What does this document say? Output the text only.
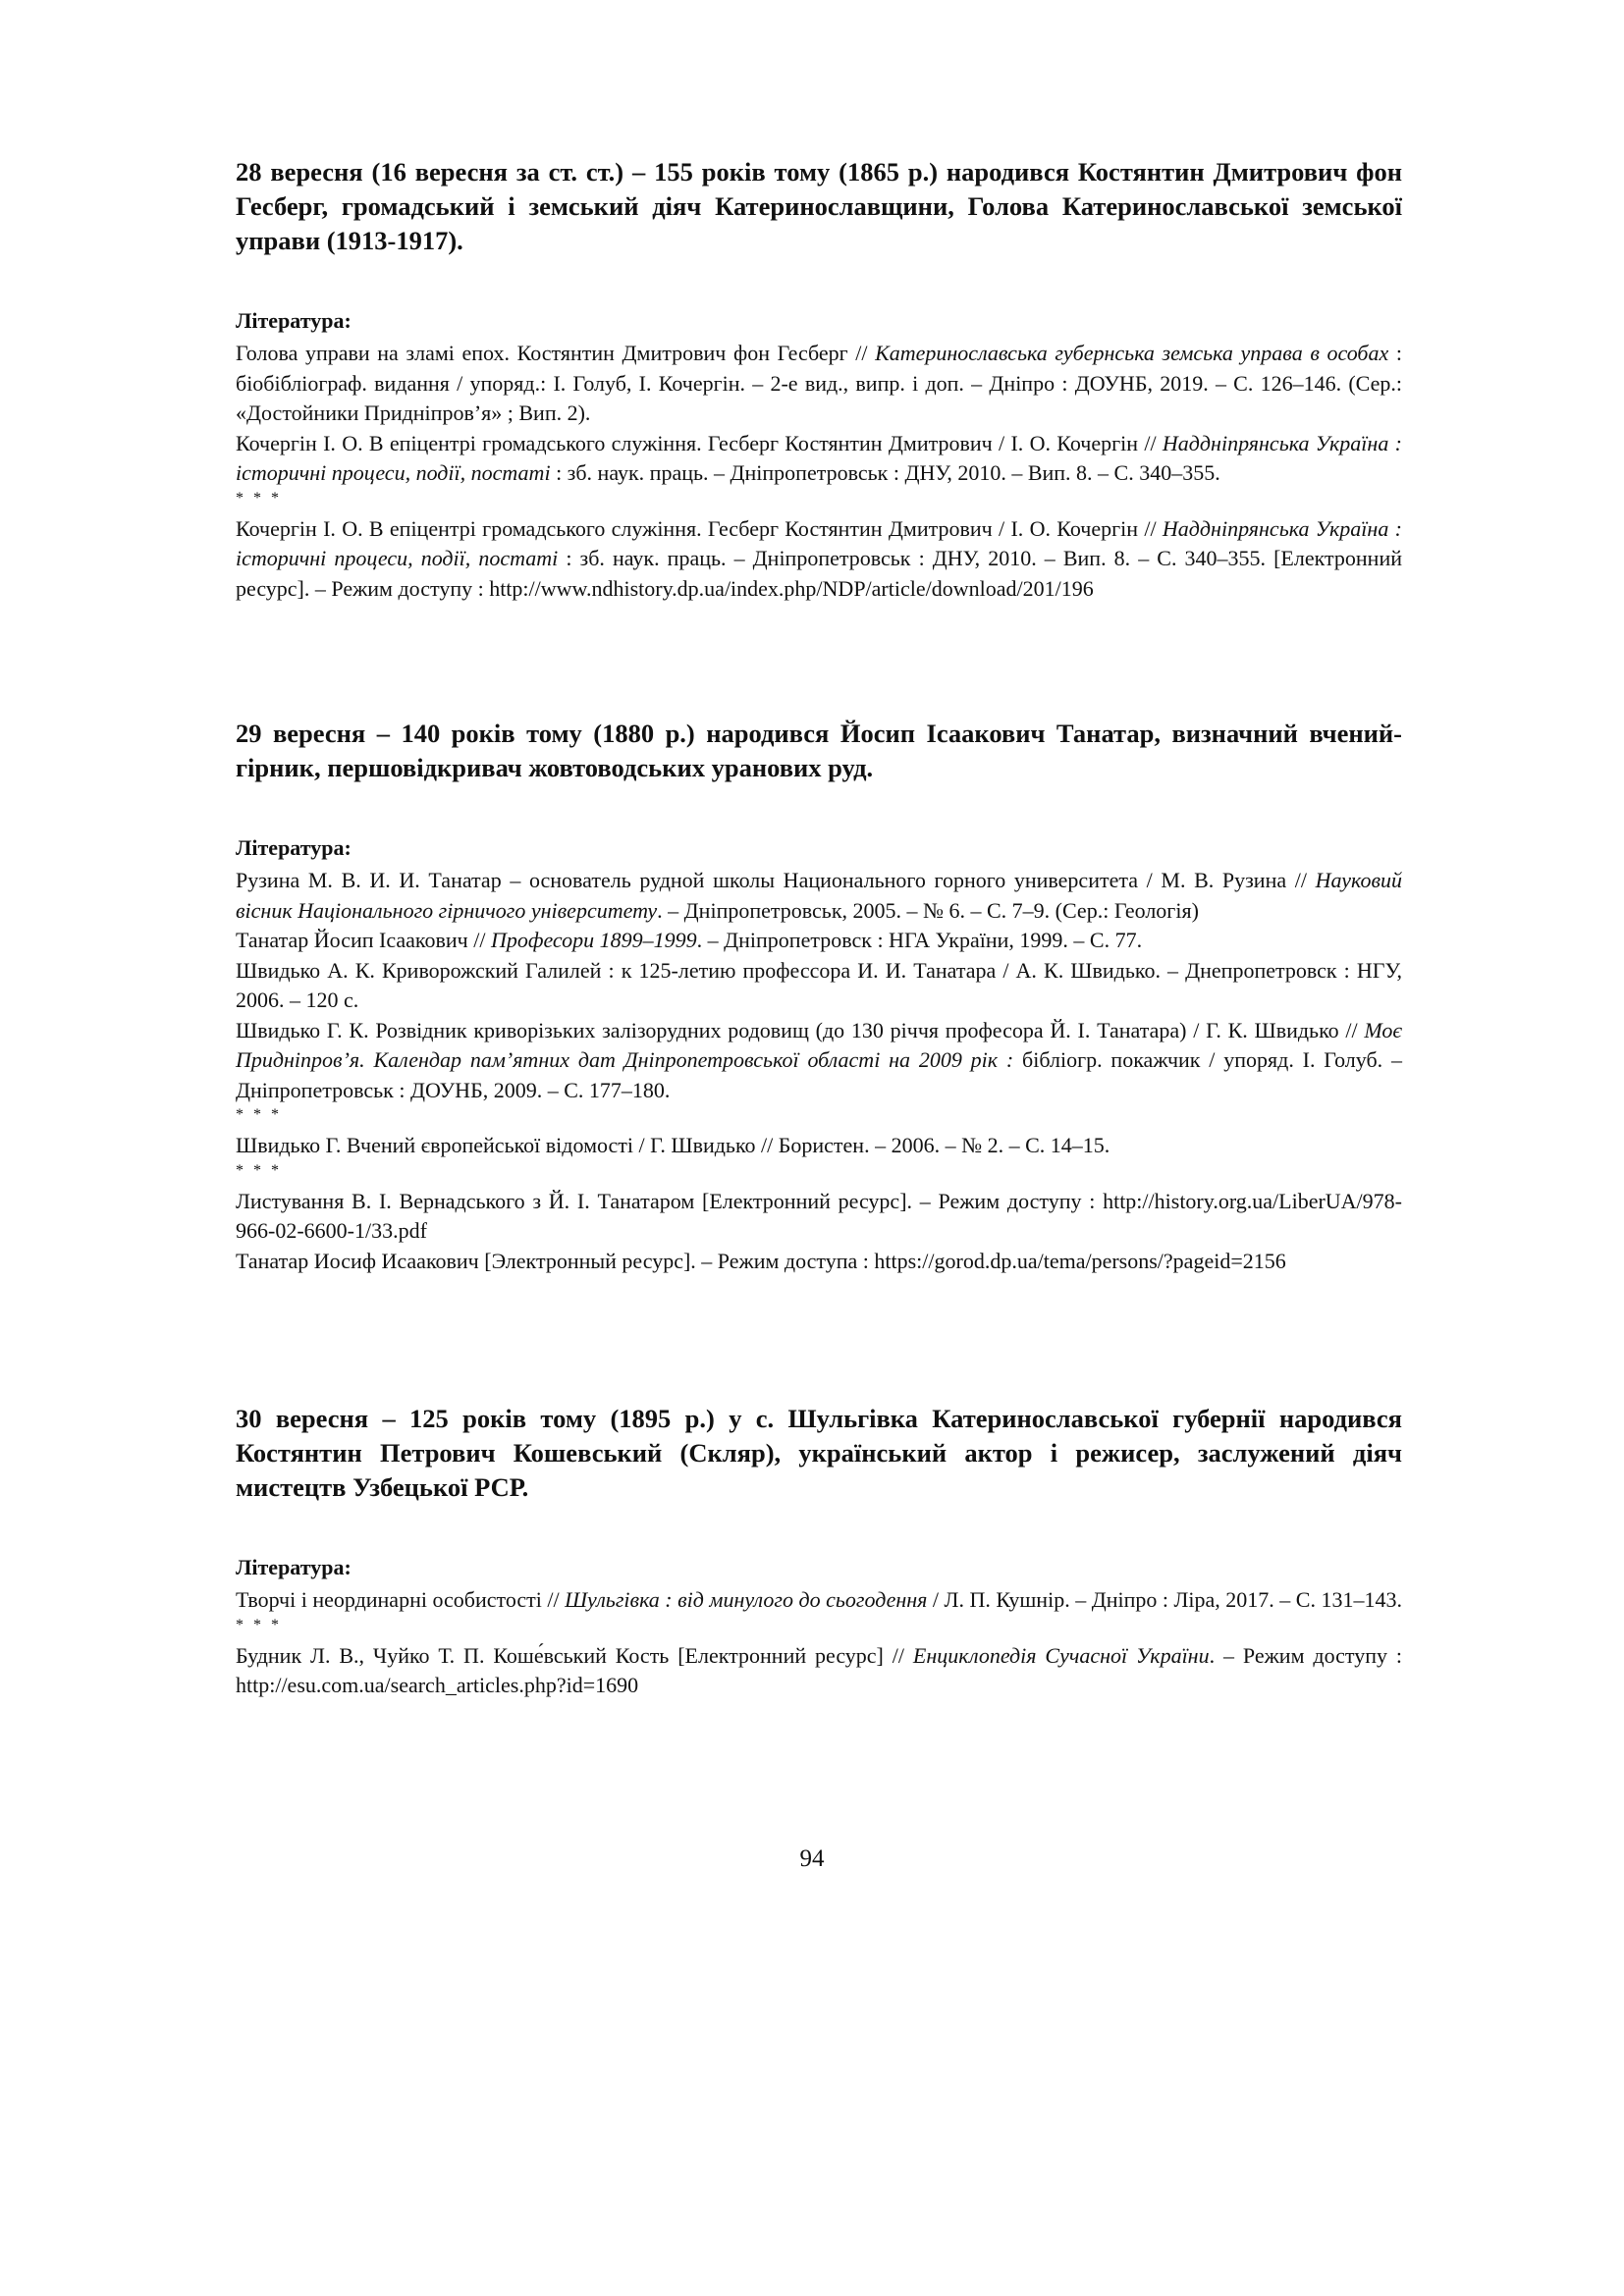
28 вересня (16 вересня за ст. ст.) – 155 років тому (1865 р.) народився Костянтин Дмитрович фон Гесберг, громадський і земський діяч Катеринославщини, Голова Катеринославської земської управи (1913-1917).

Література:

Голова управи на зламі епох. Костянтин Дмитрович фон Гесберг // Катеринославська губернська земська управа в особах : біобібліограф. видання / упоряд.: І. Голуб, І. Кочергін. – 2-е вид., випр. і доп. – Дніпро : ДОУНБ, 2019. – С. 126–146. (Сер.: «Достойники Придніпров’я» ; Вип. 2).

Кочергін І. О. В епіцентрі громадського служіння. Гесберг Костянтин Дмитрович / І. О. Кочергін // Наддніпрянська Україна : історичні процеси, події, постаті : зб. наук. праць. – Дніпропетровськ : ДНУ, 2010. – Вип. 8. – С. 340–355.

* * *

Кочергін І. О. В епіцентрі громадського служіння. Гесберг Костянтин Дмитрович / І. О. Кочергін // Наддніпрянська Україна : історичні процеси, події, постаті : зб. наук. праць. – Дніпропетровськ : ДНУ, 2010. – Вип. 8. – С. 340–355. [Електронний ресурс]. – Режим доступу : http://www.ndhistory.dp.ua/index.php/NDP/article/download/201/196

29 вересня – 140 років тому (1880 р.) народився Йосип Ісаакович Танатар, визначний вчений-гірник, першовідкривач жовтоводських уранових руд.

Література:

Рузина М. В. И. И. Танатар – основатель рудной школы Национального горного университета / М. В. Рузина // Науковий вісник Національного гірничого університету. – Дніпропетровськ, 2005. – № 6. – С. 7–9. (Сер.: Геологія)

Танатар Йосип Ісаакович // Професори 1899–1999. – Дніпропетровск : НГА України, 1999. – С. 77.

Швидько А. К. Криворожский Галилей : к 125-летию профессора И. И. Танатара / А. К. Швидько. – Днепропетровск : НГУ, 2006. – 120 с.

Швидько Г. К. Розвідник криворізьких залізорудних родовищ (до 130 річчя професора Й. І. Танатара) / Г. К. Швидько // Моє Придніпров’я. Календар пам’ятних дат Дніпропетровської області на 2009 рік : бібліогр. покажчик / упоряд. І. Голуб. – Дніпропетровськ : ДОУНБ, 2009. – С. 177–180.

* * *

Швидько Г. Вчений європейської відомості / Г. Швидько // Бористен. – 2006. – № 2. – С. 14–15.

* * *

Листування В. І. Вернадського з Й. І. Танатаром [Електронний ресурс]. – Режим доступу : http://history.org.ua/LiberUA/978-966-02-6600-1/33.pdf

Танатар Иосиф Исаакович [Электронный ресурс]. – Режим доступа : https://gorod.dp.ua/tema/persons/?pageid=2156

30 вересня – 125 років тому (1895 р.) у с. Шульгівка Катеринославської губернії народився Костянтин Петрович Кошевський (Скляр), український актор і режисер, заслужений діяч мистецтв Узбецької РСР.

Література:

Творчі і неординарні особистості // Шульгівка : від минулого до сьогодення / Л. П. Кушнір. – Дніпро : Ліра, 2017. – С. 131–143.

* * *

Будник Л. В., Чуйко Т. П. Коше́вський Кость [Електронний ресурс] // Енциклопедія Сучасної України. – Режим доступу : http://esu.com.ua/search_articles.php?id=1690

94
